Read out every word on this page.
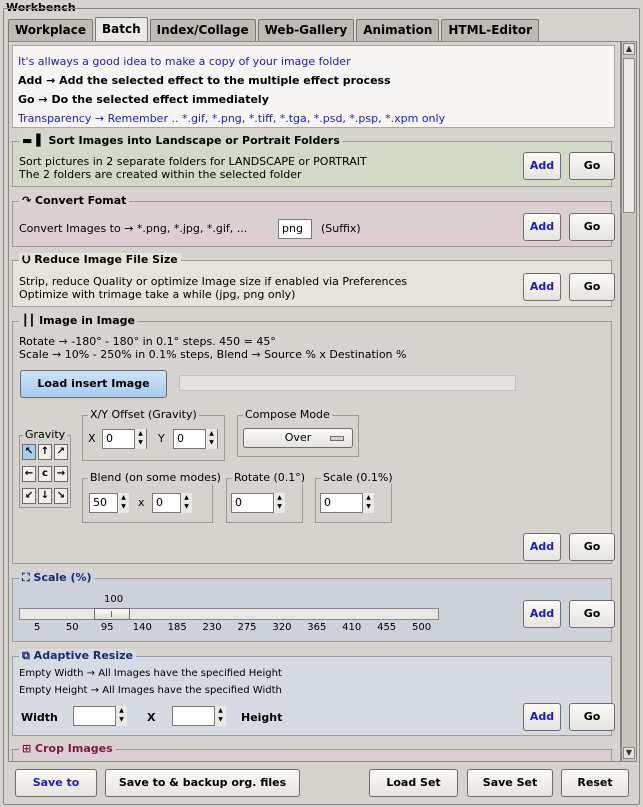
Workbench
Workplace	Batch	Index/Collage	Web-Gallery	Animation	HTML-Editor
It's allways a good idea to make a copy of your image folder
Add → Add the selected effect to the multiple effect process
Go → Do the selected effect immediately
Transparency → Remember .. *.gif, *.png, *.tiff, *.tga, *.psd, *.psp, *.xpm only
▬ ▌ Sort Images into Landscape or Portrait Folders
Sort pictures in 2 separate folders for LANDSCAPE or PORTRAIT
The 2 folders are created within the selected folder
Add	Go
↷ Convert Fomat
Convert Images to → *.png, *.jpg, *.gif, ...	png	(Suffix)	Add	Go
⮋ Reduce Image File Size
Strip, reduce Quality or optimize Image size if enabled via Preferences
Optimize with trimage take a while (jpg, png only)
Add	Go
┃┃ Image in Image
Rotate → -180° - 180° in 0.1° steps. 450 = 45°
Scale → 10% - 250% in 0.1% steps, Blend → Source % x Destination %
Load insert Image
Gravity
↖ ↑ ↗
← c →
↙ ↓ ↘
X/Y Offset (Gravity)
X 0	▲
▼ Y	0	▲
▼
Compose Mode
Over
Blend (on some modes)
50	▲
▼ x	0	▲
▼
Rotate (0.1°)
0	▲
▼
Scale (0.1%)
0	▲
▼
Add	Go
⛶ Scale (%)
100
5	50 95 140 185 230 275 320 365 410 455 500
Add	Go
⧉ Adaptive Resize
Empty Width → All Images have the specified Height
Empty Height → All Images have the specified Width
Width
▲
▼ X
▲
▼ Height	Add	Go
⊞ Crop Images
▲
▼
Save to	Save to & backup org. files	Load Set	Save Set	Reset
